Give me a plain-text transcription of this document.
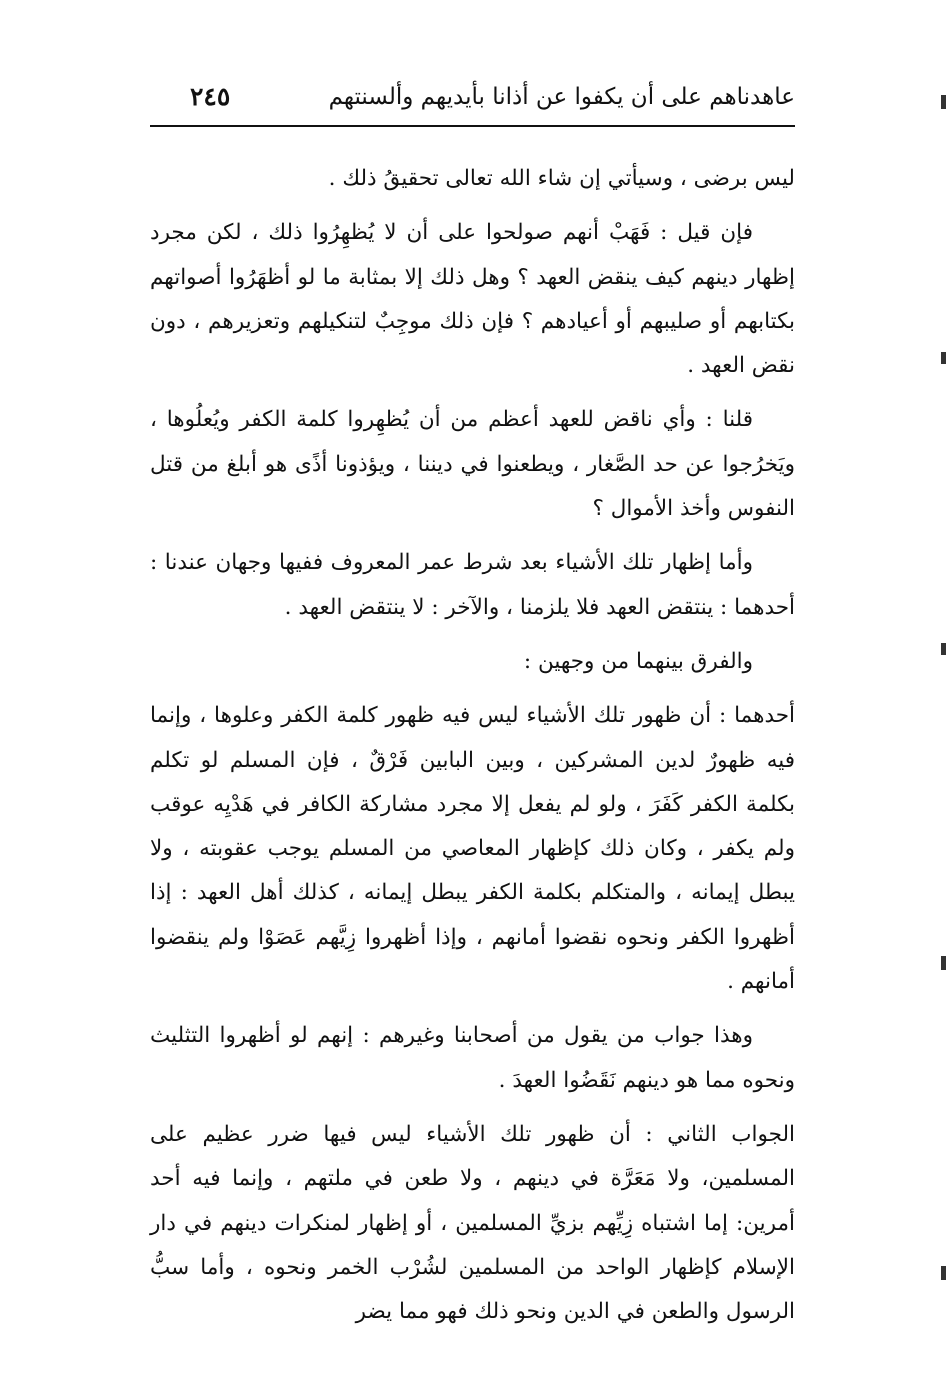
عاهدناهم على أن يكفوا عن أذانا بأيديهم وألسنتهم
٢٤٥

ليس برضى ، وسيأتي إن شاء الله تعالى تحقيقُ ذلك .

فإن قيل : فَهَبْ أنهم صولحوا على أن لا يُظهِرُوا ذلك ، لكن مجرد إظهار دينهم كيف ينقض العهد ؟ وهل ذلك إلا بمثابة ما لو أظهَرُوا أصواتهم بكتابهم أو صليبهم أو أعيادهم ؟ فإن ذلك موجِبٌ لتنكيلهم وتعزيرهم ، دون نقض العهد .

قلنا : وأي ناقض للعهد أعظم من أن يُظهِروا كلمة الكفر ويُعلُوها ، ويَخرُجوا عن حد الصَّغار ، ويطعنوا في ديننا ، ويؤذونا أذًى هو أبلغ من قتل النفوس وأخذ الأموال ؟

وأما إظهار تلك الأشياء بعد شرط عمر المعروف ففيها وجهان عندنا : أحدهما : ينتقض العهد فلا يلزمنا ، والآخر : لا ينتقض العهد .

والفرق بينهما من وجهين :

أحدهما : أن ظهور تلك الأشياء ليس فيه ظهور كلمة الكفر وعلوها ، وإنما فيه ظهورٌ لدين المشركين ، وبين البابين فَرْقٌ ، فإن المسلم لو تكلم بكلمة الكفر كَفَرَ ، ولو لم يفعل إلا مجرد مشاركة الكافر في هَدْيِه عوقب ولم يكفر ، وكان ذلك كإظهار المعاصي من المسلم يوجب عقوبته ، ولا يبطل إيمانه ، والمتكلم بكلمة الكفر يبطل إيمانه ، كذلك أهل العهد : إذا أظهروا الكفر ونحوه نقضوا أمانهم ، وإذا أظهروا زِيَّهم عَصَوْا ولم ينقضوا أمانهم .

وهذا جواب من يقول من أصحابنا وغيرهم : إنهم لو أظهروا التثليث ونحوه مما هو دينهم نَقَضُوا العهدَ .

الجواب الثاني : أن ظهور تلك الأشياء ليس فيها ضرر عظيم على المسلمين، ولا مَعَرَّة في دينهم ، ولا طعن في ملتهم ، وإنما فيه أحد أمرين: إما اشتباه زِيِّهم بزيِّ المسلمين ، أو إظهار لمنكرات دينهم في دار الإسلام كإظهار الواحد من المسلمين لشُرْب الخمر ونحوه ، وأما سبُّ الرسول والطعن في الدين ونحو ذلك فهو مما يضر
